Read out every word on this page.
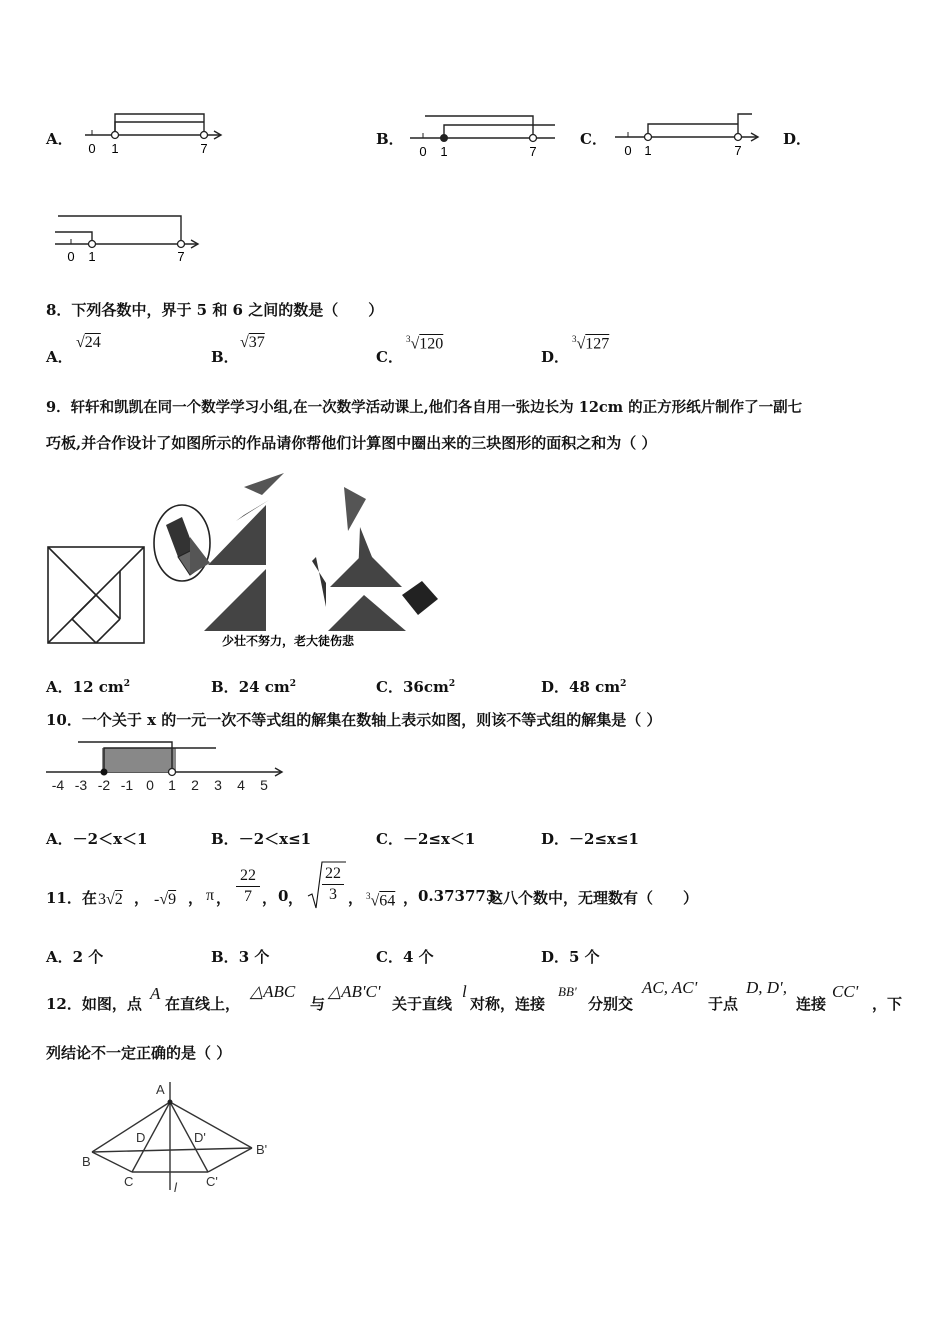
A．
0 1	7
B．
0 1	7
C．
0 1	7
D．
0 1	7
8．下列各数中，界于 5 和 6 之间的数是（　　）
A．
√24
B．
√37
C．
$^3$√120
D．
$^3$√127
9．轩轩和凯凯在同一个数学学习小组,在一次数学活动课上,他们各自用一张边长为 12cm 的正方形纸片制作了一副七
巧板,并合作设计了如图所示的作品请你帮他们计算图中圈出来的三块图形的面积之和为（ ）
少壮不努力，老大徒伤悲
A．12 $cm^2$	B．24 $cm^2$	C．$36cm^2$	D．48 $cm^2$
10．一个关于 x 的一元一次不等式组的解集在数轴上表示如图，则该不等式组的解集是（ ）
-4 -3 -2 -1 0 1 2 3 4 5
A．－2＜x＜1	B．－2＜x≤1	C．－2≤x＜1	D．－2≤x≤1
11．在 3√2 ， -√9 ， π ， $\frac{22}{7}$ ， 0 ， $\frac{22}{3}$ ， $^3$√64 ， 0.373773
这八个数中，无理数有（　　）
A．2 个	B．3 个	C．4 个	D．5 个
12．如图，点
A
在直线上，
△ABC
与
△AB'C'
关于直线
l
对称，连接
BB'
分别交
AC, AC'
于点
D, D',
连接
CC'
，下
列结论不一定正确的是（ ）
A
B
C
D
B'
C'
D'
l
